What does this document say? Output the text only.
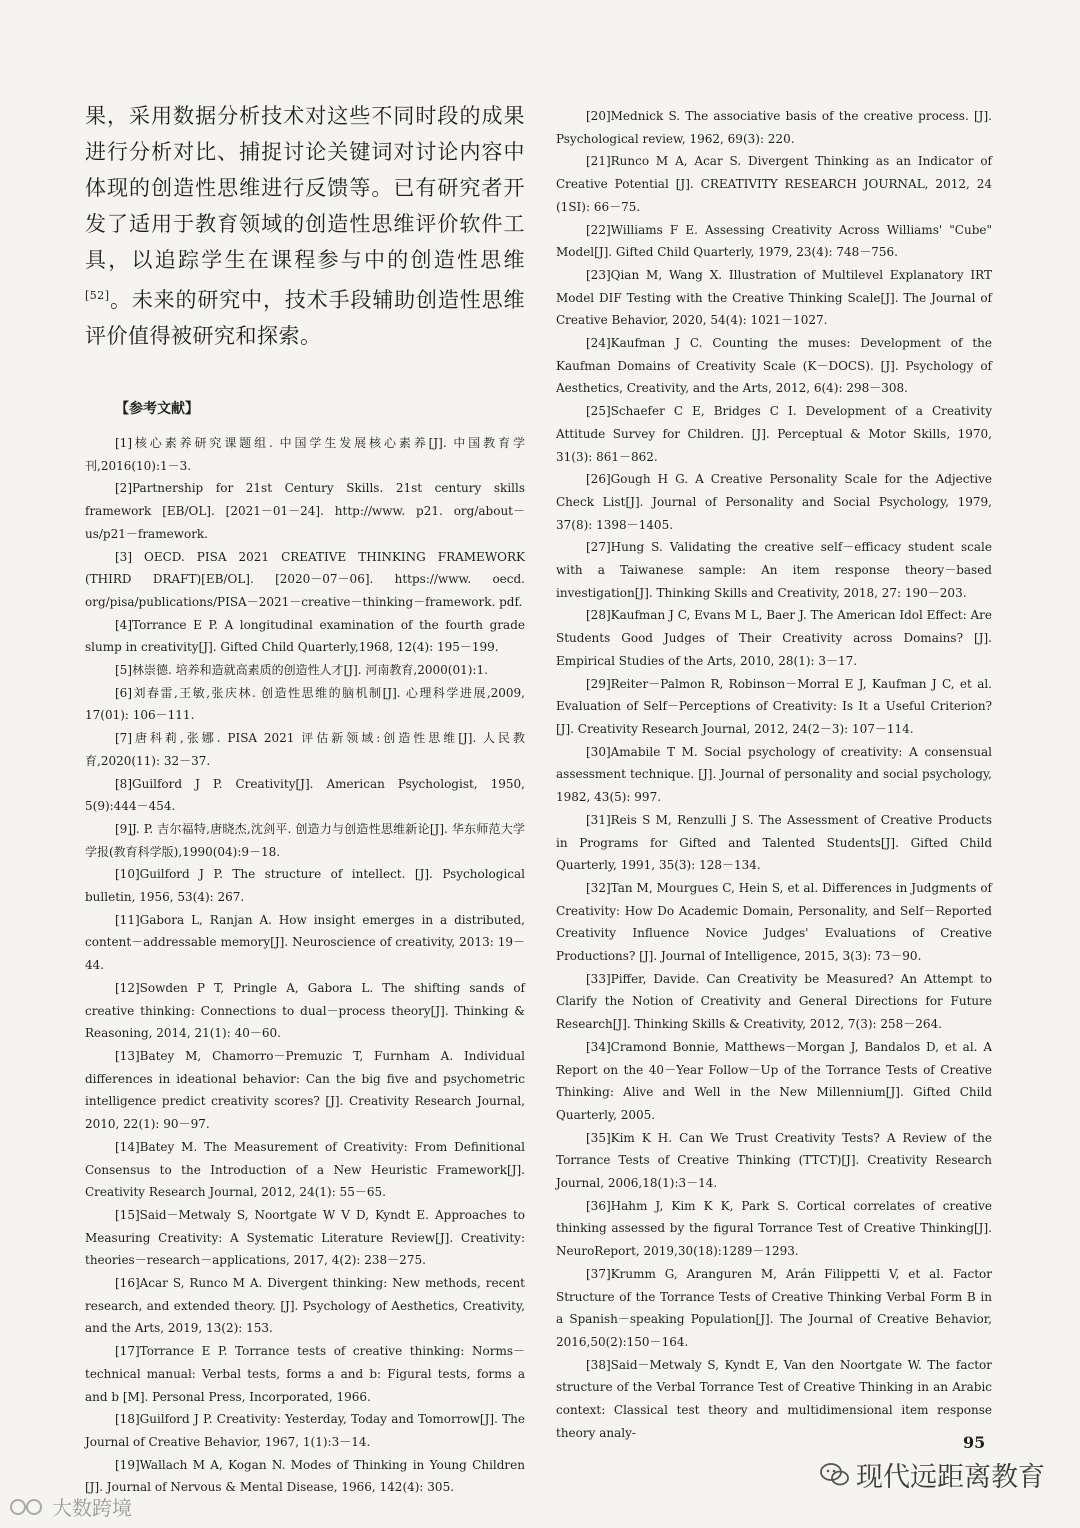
果，采用数据分析技术对这些不同时段的成果进行分析对比、捕捉讨论关键词对讨论内容中体现的创造性思维进行反馈等。已有研究者开发了适用于教育领域的创造性思维评价软件工具，以追踪学生在课程参与中的创造性思维[52]。未来的研究中，技术手段辅助创造性思维评价值得被研究和探索。

【参考文献】

[1]核心素养研究课题组. 中国学生发展核心素养[J]. 中国教育学刊,2016(10):1－3.

[2]Partnership for 21st Century Skills. 21st century skills framework [EB/OL]. [2021－01－24]. http://www. p21. org/about－us/p21－framework.

[3] OECD. PISA 2021 CREATIVE THINKING FRAMEWORK (THIRD DRAFT)[EB/OL]. [2020－07－06]. https://www. oecd. org/pisa/publications/PISA－2021－creative－thinking－framework. pdf.

[4]Torrance E P. A longitudinal examination of the fourth grade slump in creativity[J]. Gifted Child Quarterly,1968, 12(4): 195－199.

[5]林崇德. 培养和造就高素质的创造性人才[J]. 河南教育,2000(01):1.

[6]刘春雷,王敏,张庆林. 创造性思维的脑机制[J]. 心理科学进展,2009, 17(01): 106－111.

[7]唐科莉,张娜. PISA 2021 评估新领域:创造性思维[J]. 人民教育,2020(11): 32－37.

[8]Guilford J P. Creativity[J]. American Psychologist, 1950, 5(9):444－454.

[9]J. P. 吉尔福特,唐晓杰,沈剑平. 创造力与创造性思维新论[J]. 华东师范大学学报(教育科学版),1990(04):9－18.

[10]Guilford J P. The structure of intellect. [J]. Psychological bulletin, 1956, 53(4): 267.

[11]Gabora L, Ranjan A. How insight emerges in a distributed, content－addressable memory[J]. Neuroscience of creativity, 2013: 19－44.

[12]Sowden P T, Pringle A, Gabora L. The shifting sands of creative thinking: Connections to dual－process theory[J]. Thinking & Reasoning, 2014, 21(1): 40－60.

[13]Batey M, Chamorro－Premuzic T, Furnham A. Individual differences in ideational behavior: Can the big five and psychometric intelligence predict creativity scores? [J]. Creativity Research Journal, 2010, 22(1): 90－97.

[14]Batey M. The Measurement of Creativity: From Definitional Consensus to the Introduction of a New Heuristic Framework[J]. Creativity Research Journal, 2012, 24(1): 55－65.

[15]Said－Metwaly S, Noortgate W V D, Kyndt E. Approaches to Measuring Creativity: A Systematic Literature Review[J]. Creativity: theories－research－applications, 2017, 4(2): 238－275.

[16]Acar S, Runco M A. Divergent thinking: New methods, recent research, and extended theory. [J]. Psychology of Aesthetics, Creativity, and the Arts, 2019, 13(2): 153.

[17]Torrance E P. Torrance tests of creative thinking: Norms－technical manual: Verbal tests, forms a and b: Figural tests, forms a and b [M]. Personal Press, Incorporated, 1966.

[18]Guilford J P. Creativity: Yesterday, Today and Tomorrow[J]. The Journal of Creative Behavior, 1967, 1(1):3－14.

[19]Wallach M A, Kogan N. Modes of Thinking in Young Children [J]. Journal of Nervous & Mental Disease, 1966, 142(4): 305.

[20]Mednick S. The associative basis of the creative process. [J]. Psychological review, 1962, 69(3): 220.

[21]Runco M A, Acar S. Divergent Thinking as an Indicator of Creative Potential [J]. CREATIVITY RESEARCH JOURNAL, 2012, 24 (1SI): 66－75.

[22]Williams F E. Assessing Creativity Across Williams' "Cube" Model[J]. Gifted Child Quarterly, 1979, 23(4): 748－756.

[23]Qian M, Wang X. Illustration of Multilevel Explanatory IRT Model DIF Testing with the Creative Thinking Scale[J]. The Journal of Creative Behavior, 2020, 54(4): 1021－1027.

[24]Kaufman J C. Counting the muses: Development of the Kaufman Domains of Creativity Scale (K－DOCS). [J]. Psychology of Aesthetics, Creativity, and the Arts, 2012, 6(4): 298－308.

[25]Schaefer C E, Bridges C I. Development of a Creativity Attitude Survey for Children. [J]. Perceptual & Motor Skills, 1970, 31(3): 861－862.

[26]Gough H G. A Creative Personality Scale for the Adjective Check List[J]. Journal of Personality and Social Psychology, 1979, 37(8): 1398－1405.

[27]Hung S. Validating the creative self－efficacy student scale with a Taiwanese sample: An item response theory－based investigation[J]. Thinking Skills and Creativity, 2018, 27: 190－203.

[28]Kaufman J C, Evans M L, Baer J. The American Idol Effect: Are Students Good Judges of Their Creativity across Domains? [J]. Empirical Studies of the Arts, 2010, 28(1): 3－17.

[29]Reiter－Palmon R, Robinson－Morral E J, Kaufman J C, et al. Evaluation of Self－Perceptions of Creativity: Is It a Useful Criterion? [J]. Creativity Research Journal, 2012, 24(2－3): 107－114.

[30]Amabile T M. Social psychology of creativity: A consensual assessment technique. [J]. Journal of personality and social psychology, 1982, 43(5): 997.

[31]Reis S M, Renzulli J S. The Assessment of Creative Products in Programs for Gifted and Talented Students[J]. Gifted Child Quarterly, 1991, 35(3): 128－134.

[32]Tan M, Mourgues C, Hein S, et al. Differences in Judgments of Creativity: How Do Academic Domain, Personality, and Self－Reported Creativity Influence Novice Judges' Evaluations of Creative Productions? [J]. Journal of Intelligence, 2015, 3(3): 73－90.

[33]Piffer, Davide. Can Creativity be Measured? An Attempt to Clarify the Notion of Creativity and General Directions for Future Research[J]. Thinking Skills & Creativity, 2012, 7(3): 258－264.

[34]Cramond Bonnie, Matthews－Morgan J, Bandalos D, et al. A Report on the 40－Year Follow－Up of the Torrance Tests of Creative Thinking: Alive and Well in the New Millennium[J]. Gifted Child Quarterly, 2005.

[35]Kim K H. Can We Trust Creativity Tests? A Review of the Torrance Tests of Creative Thinking (TTCT)[J]. Creativity Research Journal, 2006,18(1):3－14.

[36]Hahm J, Kim K K, Park S. Cortical correlates of creative thinking assessed by the figural Torrance Test of Creative Thinking[J]. NeuroReport, 2019,30(18):1289－1293.

[37]Krumm G, Aranguren M, Arán Filippetti V, et al. Factor Structure of the Torrance Tests of Creative Thinking Verbal Form B in a Spanish－speaking Population[J]. The Journal of Creative Behavior, 2016,50(2):150－164.

[38]Said－Metwaly S, Kyndt E, Van den Noortgate W. The factor structure of the Verbal Torrance Test of Creative Thinking in an Arabic context: Classical test theory and multidimensional item response theory analy-

95
现代远距离教育
大数跨境
